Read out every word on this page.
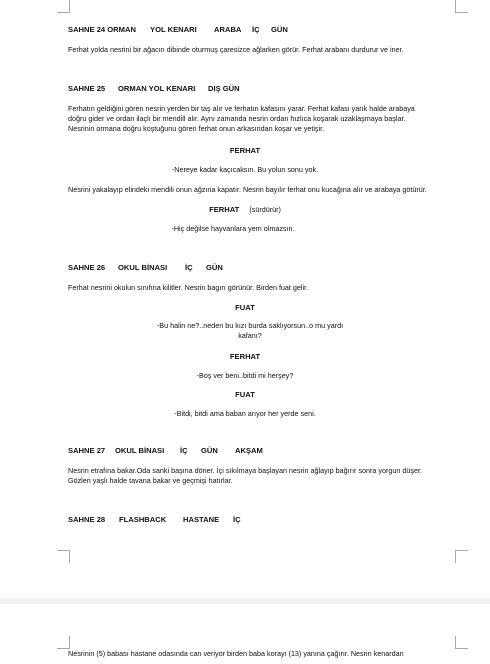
SAHNE 24 ORMAN YOL KENARI ARABA İÇ GÜN
Ferhat yolda nesrini bir ağacın dibinde oturmuş çaresizce ağlarken görür. Ferhat arabanı durdurur ve iner.
SAHNE 25 ORMAN YOL KENARI DIŞ GÜN
Ferhatın geldiğini gören nesrin yerden bir taş alır ve ferhatın kafasını yarar. Ferhat kafası yarık halde arabaya
doğru gider ve ordan ilaçlı bir mendill alır. Aynı zamanda nesrin ordan hızlıca koşarak uzaklaşmaya başlar.
Nesrinin ormana doğru koştuğunu gören ferhat onun arkasından koşar ve yetişir.
FERHAT
-Nereye kadar kaçıcaksın. Bu yolun sonu yok.
Nesrini yakalayıp elindeki mendili onun ağzına kapatır. Nesrin bayılır ferhat onu kucağına alır ve arabaya götürür.
FERHAT (sürdürür)
-Hiç değilse hayvanlara yem olmazsın.
SAHNE 26 OKUL BİNASI İÇ GÜN
Ferhat nesrini okulun sınıfına kilitler. Nesrin bagırı görünür. Birden fuat gelir.
FUAT
-Bu halin ne?..neden bu kızı burda saklıyorsun..o mu yardı
kafanı?
FERHAT
-Boş ver beni..bitdi mi herşey?
FUAT
-Bitdi, bitdi ama baban arıyor her yerde seni.
SAHNE 27 OKUL BİNASI İÇ GÜN AKŞAM
Nesrin etrafına bakar.Oda sanki başına döner. İçi sıkılmaya başlayan nesrin ağlayıp bağırır sonra yorgun düşer.
Gözleri yaşlı halde tavana bakar ve geçmişi hatırlar.
SAHNE 28 FLASHBACK HASTANE İÇ
Nesrinin (5) babası hastane odasında can veriyor birden baba korayı (13) yanına çağırır. Nesrin kenardan
